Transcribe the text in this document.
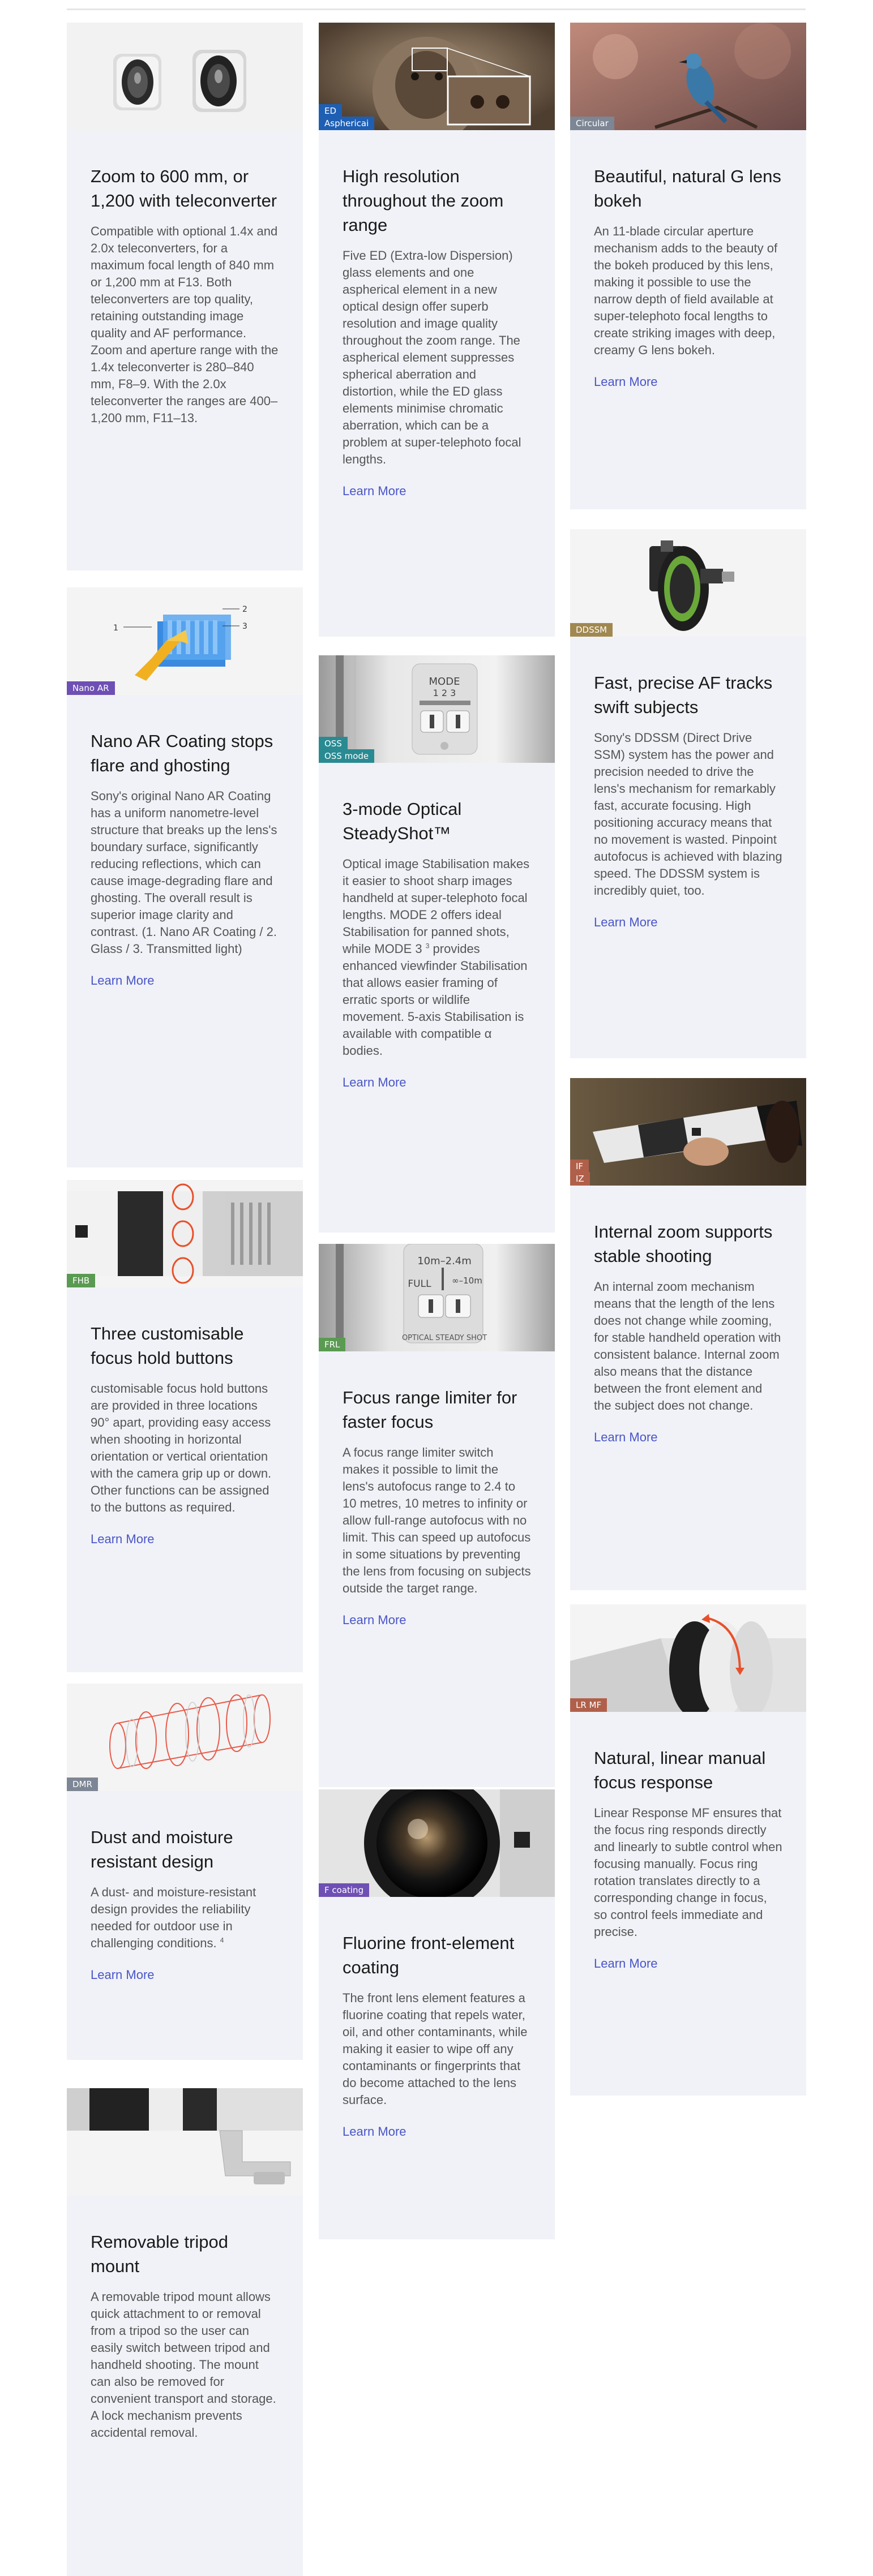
Zoom to 600 mm, or 1,200 with teleconverter

Compatible with optional 1.4x and 2.0x teleconverters, for a maximum focal length of 840 mm or 1,200 mm at F13. Both teleconverters are top quality, retaining outstanding image quality and AF performance. Zoom and aperture range with the 1.4x teleconverter is 280–840 mm, F8–9. With the 2.0x teleconverter the ranges are 400–1,200 mm, F11–13.

ED
Asphericai
High resolution throughout the zoom range

Five ED (Extra-low Dispersion) glass elements and one aspherical element in a new optical design offer superb resolution and image quality throughout the zoom range. The aspherical element suppresses spherical aberration and distortion, while the ED glass elements minimise chromatic aberration, which can be a problem at super-telephoto focal lengths.

Learn More
Circular
Beautiful, natural G lens bokeh

An 11-blade circular aperture mechanism adds to the beauty of the bokeh produced by this lens, making it possible to use the narrow depth of field available at super-telephoto focal lengths to create striking images with deep, creamy G lens bokeh.

Learn More
1
2
3
Nano AR
Nano AR Coating stops flare and ghosting

Sony's original Nano AR Coating has a uniform nanometre-level structure that breaks up the lens's boundary surface, significantly reducing reflections, which can cause image-degrading flare and ghosting. The overall result is superior image clarity and contrast. (1. Nano AR Coating / 2. Glass / 3. Transmitted light)

Learn More
MODE
1 2 3
OSS
OSS mode
3-mode Optical SteadyShot™

Optical image Stabilisation makes it easier to shoot sharp images handheld at super-telephoto focal lengths. MODE 2 offers ideal Stabilisation for panned shots, while MODE 3 $^3$ provides enhanced viewfinder Stabilisation that allows easier framing of erratic sports or wildlife movement. 5-axis Stabilisation is available with compatible α bodies.

Learn More
DDSSM
Fast, precise AF tracks swift subjects

Sony's DDSSM (Direct Drive SSM) system has the power and precision needed to drive the lens's mechanism for remarkably fast, accurate focusing. High positioning accuracy means that no movement is wasted. Pinpoint autofocus is achieved with blazing speed. The DDSSM system is incredibly quiet, too.

Learn More
FHB
Three customisable focus hold buttons

customisable focus hold buttons are provided in three locations 90° apart, providing easy access when shooting in horizontal orientation or vertical orientation with the camera grip up or down. Other functions can be assigned to the buttons as required.

Learn More
10m–2.4m
FULL ∞–10m
OPTICAL STEADY SHOT
FRL
Focus range limiter for faster focus

A focus range limiter switch makes it possible to limit the lens's autofocus range to 2.4 to 10 metres, 10 metres to infinity or allow full-range autofocus with no limit. This can speed up autofocus in some situations by preventing the lens from focusing on subjects outside the target range.

Learn More
IF
IZ
Internal zoom supports stable shooting

An internal zoom mechanism means that the length of the lens does not change while zooming, for stable handheld operation with consistent balance. Internal zoom also means that the distance between the front element and the subject does not change.

Learn More
DMR
Dust and moisture resistant design

A dust- and moisture-resistant design provides the reliability needed for outdoor use in challenging conditions. $^4$

Learn More
F coating
Fluorine front-element coating

The front lens element features a fluorine coating that repels water, oil, and other contaminants, while making it easier to wipe off any contaminants or fingerprints that do become attached to the lens surface.

Learn More
LR MF
Natural, linear manual focus response

Linear Response MF ensures that the focus ring responds directly and linearly to subtle control when focusing manually. Focus ring rotation translates directly to a corresponding change in focus, so control feels immediate and precise.

Learn More
Removable tripod mount

A removable tripod mount allows quick attachment to or removal from a tripod so the user can easily switch between tripod and handheld shooting. The mount can also be removed for convenient transport and storage. A lock mechanism prevents accidental removal.
